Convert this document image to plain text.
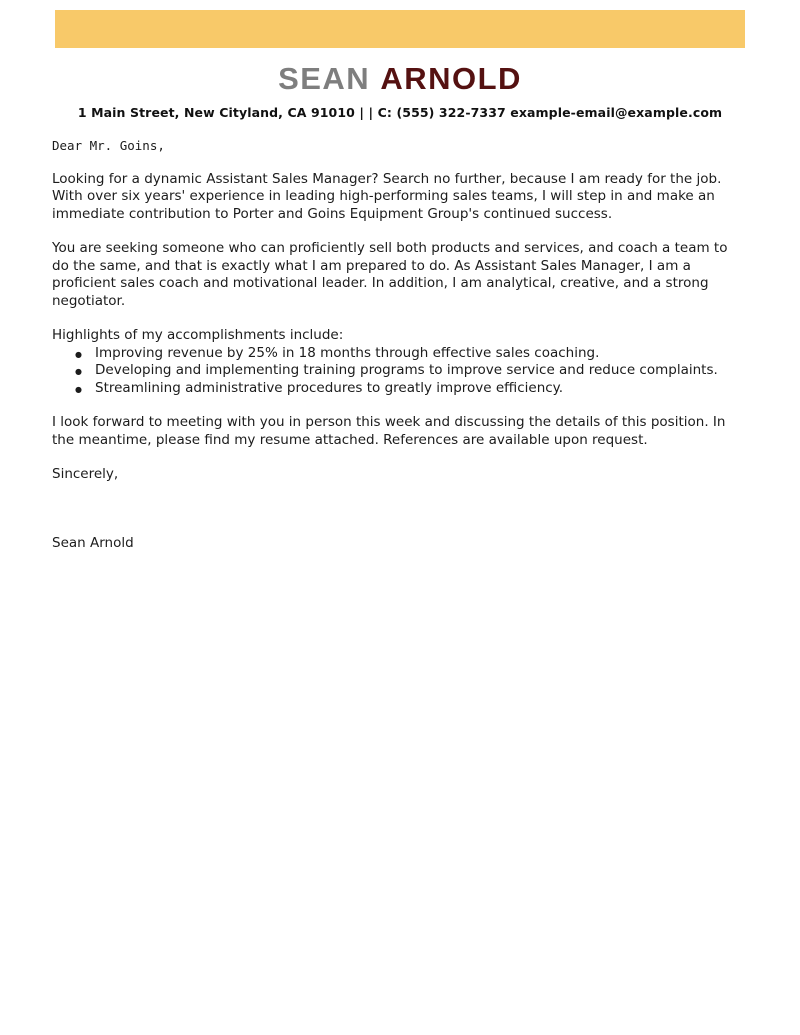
SEAN ARNOLD
1 Main Street, New Cityland, CA 91010 | | C: (555) 322-7337 example-email@example.com

Dear Mr. Goins,

Looking for a dynamic Assistant Sales Manager? Search no further, because I am ready for the job. With over six years' experience in leading high-performing sales teams, I will step in and make an immediate contribution to Porter and Goins Equipment Group's continued success.

You are seeking someone who can proficiently sell both products and services, and coach a team to do the same, and that is exactly what I am prepared to do. As Assistant Sales Manager, I am a proficient sales coach and motivational leader. In addition, I am analytical, creative, and a strong negotiator.

Highlights of my accomplishments include:

● Improving revenue by 25% in 18 months through effective sales coaching.
● Developing and implementing training programs to improve service and reduce complaints.
● Streamlining administrative procedures to greatly improve efficiency.

I look forward to meeting with you in person this week and discussing the details of this position. In the meantime, please find my resume attached. References are available upon request.

Sincerely,

Sean Arnold
